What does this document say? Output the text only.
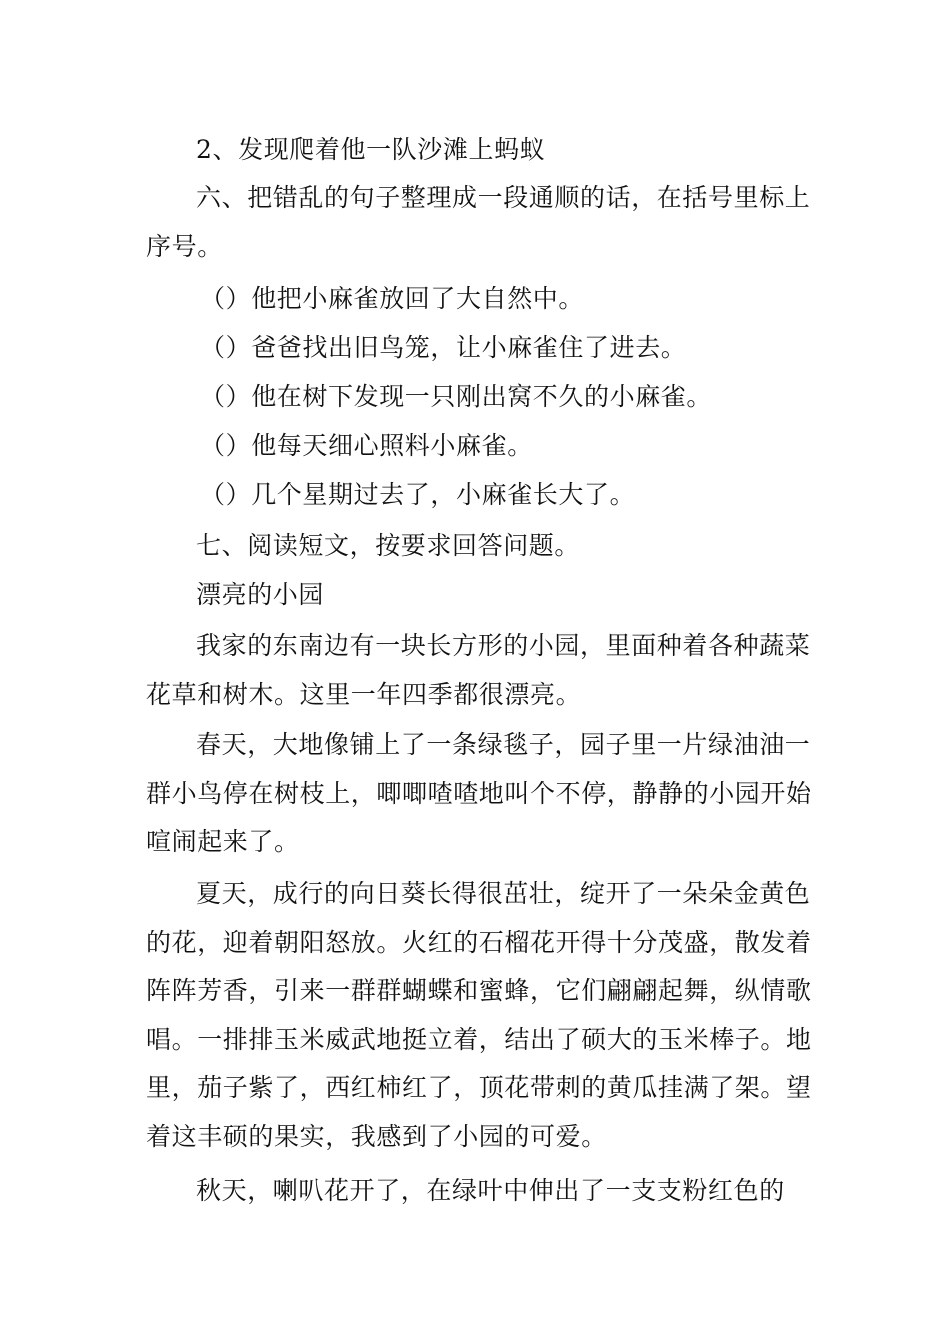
2、发现爬着他一队沙滩上蚂蚁

六、把错乱的句子整理成一段通顺的话，在括号里标上序号。

（）他把小麻雀放回了大自然中。

（）爸爸找出旧鸟笼，让小麻雀住了进去。

（）他在树下发现一只刚出窝不久的小麻雀。

（）他每天细心照料小麻雀。

（）几个星期过去了，小麻雀长大了。

七、阅读短文，按要求回答问题。

漂亮的小园

我家的东南边有一块长方形的小园，里面种着各种蔬菜花草和树木。这里一年四季都很漂亮。

春天，大地像铺上了一条绿毯子，园子里一片绿油油一群小鸟停在树枝上，唧唧喳喳地叫个不停，静静的小园开始喧闹起来了。

夏天，成行的向日葵长得很茁壮，绽开了一朵朵金黄色的花，迎着朝阳怒放。火红的石榴花开得十分茂盛，散发着阵阵芳香，引来一群群蝴蝶和蜜蜂，它们翩翩起舞，纵情歌唱。一排排玉米威武地挺立着，结出了硕大的玉米棒子。地里，茄子紫了，西红柿红了，顶花带刺的黄瓜挂满了架。望着这丰硕的果实，我感到了小园的可爱。

秋天，喇叭花开了，在绿叶中伸出了一支支粉红色的
